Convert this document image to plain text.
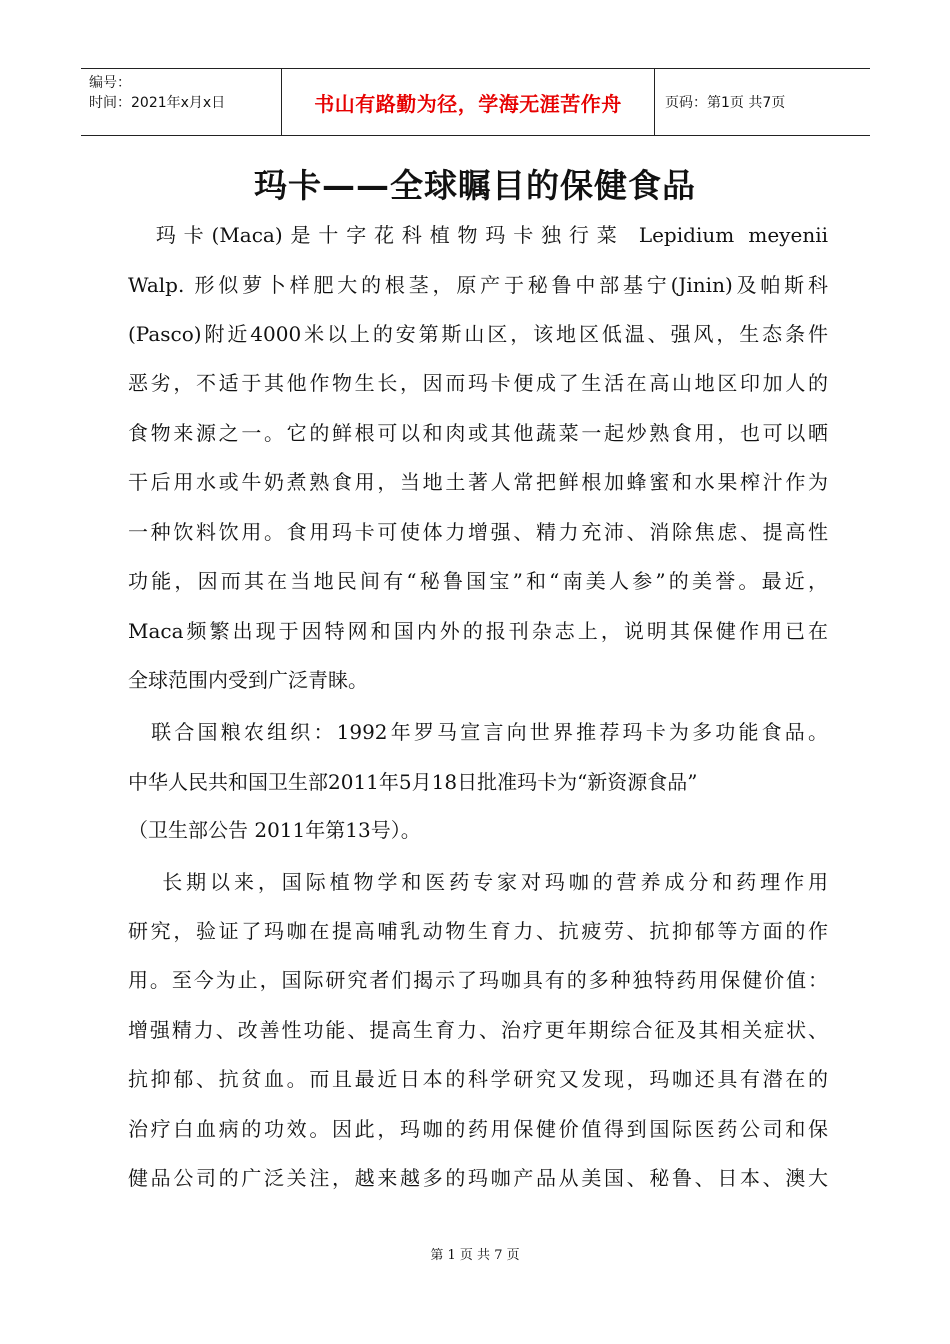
编号：
时间：2021年x月x日	书山有路勤为径，学海无涯苦作舟	页码：第1页 共7页
玛卡——全球瞩目的保健食品
　玛卡(Maca)是十字花科植物玛卡独行菜 Lepidium meyenii
Walp. 形似萝卜样肥大的根茎，原产于秘鲁中部基宁(Jinin)及帕斯科
(Pasco)附近4000米以上的安第斯山区，该地区低温、强风，生态条件
恶劣，不适于其他作物生长，因而玛卡便成了生活在高山地区印加人的
食物来源之一。它的鲜根可以和肉或其他蔬菜一起炒熟食用，也可以晒
干后用水或牛奶煮熟食用，当地土著人常把鲜根加蜂蜜和水果榨汁作为
一种饮料饮用。食用玛卡可使体力增强、精力充沛、消除焦虑、提高性
功能，因而其在当地民间有“秘鲁国宝”和“南美人参”的美誉。最近，
Maca频繁出现于因特网和国内外的报刊杂志上，说明其保健作用已在
全球范围内受到广泛青睐。
　联合国粮农组织：1992年罗马宣言向世界推荐玛卡为多功能食品。
中华人民共和国卫生部2011年5月18日批准玛卡为“新资源食品”
（卫生部公告 2011年第13号）。
　 长期以来，国际植物学和医药专家对玛咖的营养成分和药理作用
研究，验证了玛咖在提高哺乳动物生育力、抗疲劳、抗抑郁等方面的作
用。至今为止，国际研究者们揭示了玛咖具有的多种独特药用保健价值：
增强精力、改善性功能、提高生育力、治疗更年期综合征及其相关症状、
抗抑郁、抗贫血。而且最近日本的科学研究又发现，玛咖还具有潜在的
治疗白血病的功效。因此，玛咖的药用保健价值得到国际医药公司和保
健品公司的广泛关注，越来越多的玛咖产品从美国、秘鲁、日本、澳大
第 1 页 共 7 页
